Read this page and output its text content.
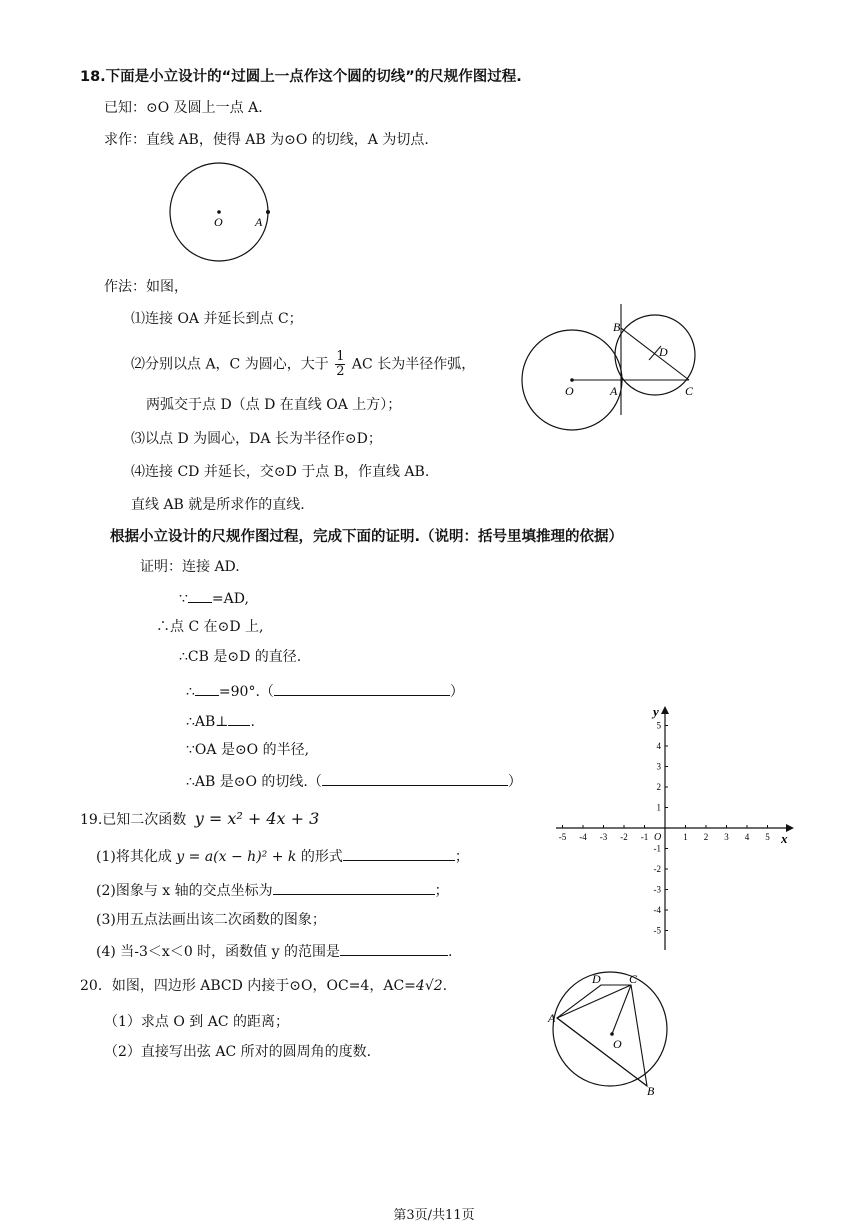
18.下面是小立设计的“过圆上一点作这个圆的切线”的尺规作图过程.
已知：⊙O 及圆上一点 A.
求作：直线 AB，使得 AB 为⊙O 的切线，A 为切点.
O	A
作法：如图，
⑴连接 OA 并延长到点 C；
⑵分别以点 A，C 为圆心，大于 $\frac{1}{2}$ AC 长为半径作弧，
两弧交于点 D（点 D 在直线 OA 上方）；
⑶以点 D 为圆心，DA 长为半径作⊙D；
⑷连接 CD 并延长，交⊙D 于点 B，作直线 AB.
直线 AB 就是所求作的直线.
B
D
O	A	C
根据小立设计的尺规作图过程，完成下面的证明.（说明：括号里填推理的依据）
证明：连接 AD.
∵ =AD,
∴点 C 在⊙D 上,
∴CB 是⊙D 的直径.
∴ =90°.（	）
∴AB⊥ .
∵OA 是⊙O 的半径,
∴AB 是⊙O 的切线.（	）
x
y
O
-5 -4 -3 -2 -1	1 2 3 4 5
5
4
3
2
1
-1
-2
-3
-4
-5
19.已知二次函数 y = x² + 4x + 3
(1)将其化成 y = a(x − h)² + k 的形式	；
(2)图象与 x 轴的交点坐标为	；
(3)用五点法画出该二次函数的图象；
(4) 当-3＜x＜0 时，函数值 y 的范围是	.
20．如图，四边形 ABCD 内接于⊙O，OC=4，AC=4√2.
（1）求点 O 到 AC 的距离；
（2）直接写出弦 AC 所对的圆周角的度数.
D C
A
O
B
第3页/共11页
